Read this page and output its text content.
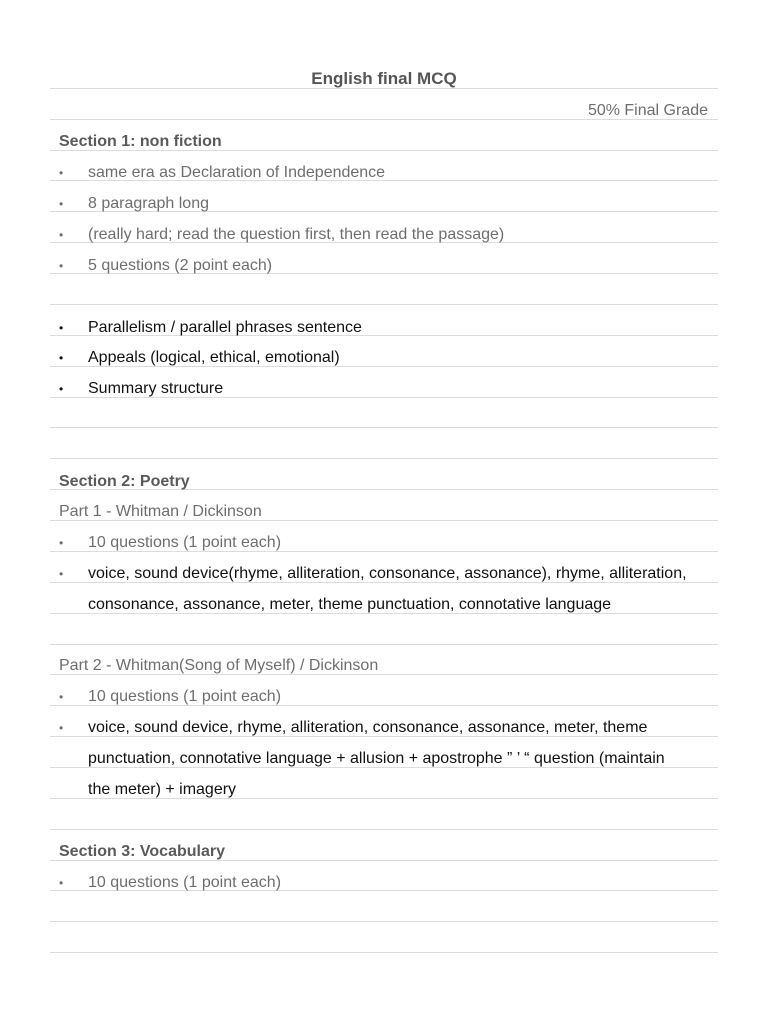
English final MCQ
50% Final Grade
Section 1: non fiction
• same era as Declaration of Independence
• 8 paragraph long
• (really hard; read the question first, then read the passage)
• 5 questions (2 point each)
• Parallelism / parallel phrases sentence
• Appeals (logical, ethical, emotional)
• Summary structure
Section 2: Poetry
Part 1 - Whitman / Dickinson
• 10 questions (1 point each)
• voice, sound device(rhyme, alliteration, consonance, assonance), rhyme, alliteration,
consonance, assonance, meter, theme punctuation, connotative language
Part 2 - Whitman(Song of Myself) / Dickinson
• 10 questions (1 point each)
• voice, sound device, rhyme, alliteration, consonance, assonance, meter, theme
punctuation, connotative language + allusion + apostrophe ” ’ “ question (maintain
the meter) + imagery
Section 3: Vocabulary
• 10 questions (1 point each)
